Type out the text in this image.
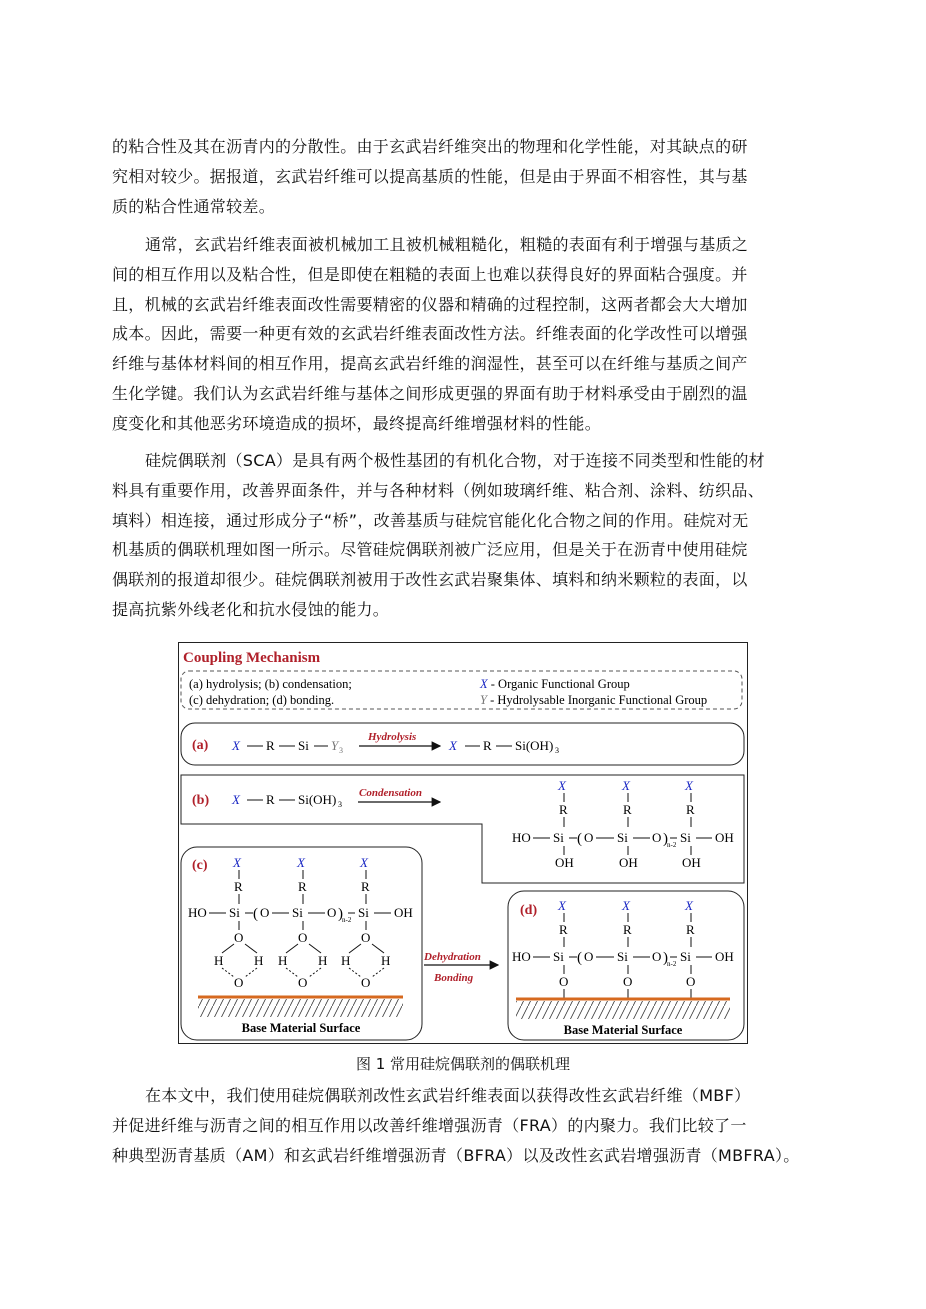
的粘合性及其在沥青内的分散性。由于玄武岩纤维突出的物理和化学性能，对其缺点的研
究相对较少。据报道，玄武岩纤维可以提高基质的性能，但是由于界面不相容性，其与基
质的粘合性通常较差。

通常，玄武岩纤维表面被机械加工且被机械粗糙化，粗糙的表面有利于增强与基质之
间的相互作用以及粘合性，但是即使在粗糙的表面上也难以获得良好的界面粘合强度。并
且，机械的玄武岩纤维表面改性需要精密的仪器和精确的过程控制，这两者都会大大增加
成本。因此，需要一种更有效的玄武岩纤维表面改性方法。纤维表面的化学改性可以增强
纤维与基体材料间的相互作用，提高玄武岩纤维的润湿性，甚至可以在纤维与基质之间产
生化学键。我们认为玄武岩纤维与基体之间形成更强的界面有助于材料承受由于剧烈的温
度变化和其他恶劣环境造成的损坏，最终提高纤维增强材料的性能。

硅烷偶联剂（SCA）是具有两个极性基团的有机化合物，对于连接不同类型和性能的材
料具有重要作用，改善界面条件，并与各种材料（例如玻璃纤维、粘合剂、涂料、纺织品、
填料）相连接，通过形成分子“桥”，改善基质与硅烷官能化化合物之间的作用。硅烷对无
机基质的偶联机理如图一所示。尽管硅烷偶联剂被广泛应用，但是关于在沥青中使用硅烷
偶联剂的报道却很少。硅烷偶联剂被用于改性玄武岩聚集体、填料和纳米颗粒的表面，以
提高抗紫外线老化和抗水侵蚀的能力。

Coupling Mechanism
(a) hydrolysis; (b) condensation;
(c) dehydration; (d) bonding.
X - Organic Functional Group
Y - Hydrolysable Inorganic Functional Group
(a) X R Si Y 3
Hydrolysis
X R Si(OH) 3
(b) X R Si(OH) 3
Condensation	X
R
X
R
X
R
HO Si ( O Si O ) n-2 Si OH
OH	OH	OH
(c) X
R
X
R
X
R
HO Si ( O Si O ) n-2 Si OH
O
H H
O
O
H H
O
O
H H
O
Base Material Surface
Dehydration
Bonding
(d) X
R
X
R
X
R
HO Si ( O Si O ) n-2 Si OH
O	O	O
Base Material Surface
图 1 常用硅烷偶联剂的偶联机理

在本文中，我们使用硅烷偶联剂改性玄武岩纤维表面以获得改性玄武岩纤维（MBF）
并促进纤维与沥青之间的相互作用以改善纤维增强沥青（FRA）的内聚力。我们比较了一
种典型沥青基质（AM）和玄武岩纤维增强沥青（BFRA）以及改性玄武岩增强沥青（MBFRA）。
